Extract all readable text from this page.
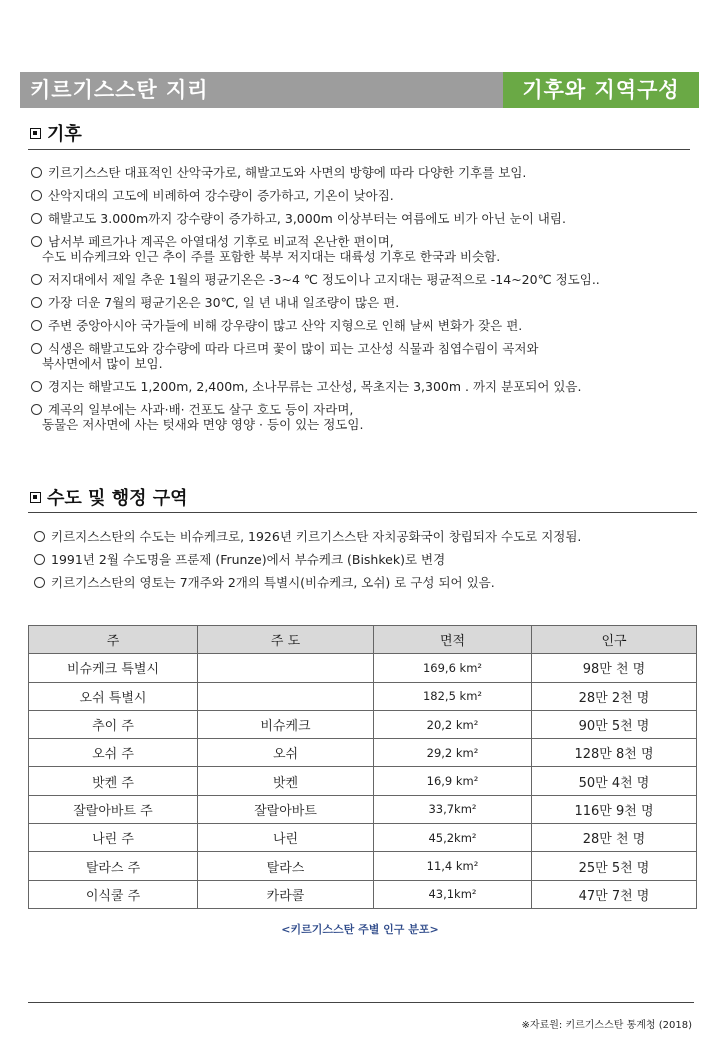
키르기스스탄 지리	기후와 지역구성
기후
키르기스스탄 대표적인 산악국가로, 해발고도와 사면의 방향에 따라 다양한 기후를 보임.
산악지대의 고도에 비례하여 강수량이 증가하고, 기온이 낮아짐.
해발고도 3.000m까지 강수량이 증가하고, 3,000m 이상부터는 여름에도 비가 아닌 눈이 내림.
남서부 페르가나 계곡은 아열대성 기후로 비교적 온난한 편이며,
수도 비슈케크와 인근 추이 주를 포함한 북부 저지대는 대륙성 기후로 한국과 비슷함.
저지대에서 제일 추운 1월의 평균기온은 -3~4 ℃ 정도이나 고지대는 평균적으로 -14~20℃ 정도임..
가장 더운 7월의 평균기온은 30℃, 일 년 내내 일조량이 많은 편.
주변 중앙아시아 국가들에 비해 강우량이 많고 산악 지형으로 인해 날씨 변화가 잦은 편.
식생은 해발고도와 강수량에 따라 다르며 꽃이 많이 피는 고산성 식물과 침엽수림이 곡저와
북사면에서 많이 보임.
경지는 해발고도 1,200m, 2,400m, 소나무류는 고산성, 목초지는 3,300m . 까지 분포되어 있음.
계곡의 일부에는 사과·배· 건포도 살구 호도 등이 자라며,
동물은 저사면에 사는 텃새와 면양 영양 · 등이 있는 정도임.
수도 및 행정 구역
키르지스스탄의 수도는 비슈케크로, 1926년 키르기스스탄 자치공화국이 창립되자 수도로 지정됨.
1991년 2월 수도명을 프룬제 (Frunze)에서 부슈케크 (Bishkek)로 변경
키르기스스탄의 영토는 7개주와 2개의 특별시(비슈케크, 오쉬) 로 구성 되어 있음.
주	주 도	면적	인구
비슈케크 특별시		169,6 km²	98만 천 명
오쉬 특별시		182,5 km²	28만 2천 명
추이 주	비슈케크	20,2 km²	90만 5천 명
오쉬 주	오쉬	29,2 km²	128만 8천 명
밧켄 주	밧켄	16,9 km²	50만 4천 명
잘랄아바트 주	잘랄아바트	33,7km²	116만 9천 명
나린 주	나린	45,2km²	28만 천 명
탈라스 주	탈라스	11,4 km²	25만 5천 명
이식쿨 주	카라콜	43,1km²	47만 7천 명
<키르기스스탄 주별 인구 분포>
※자료원: 키르기스스탄 통계청 (2018)
